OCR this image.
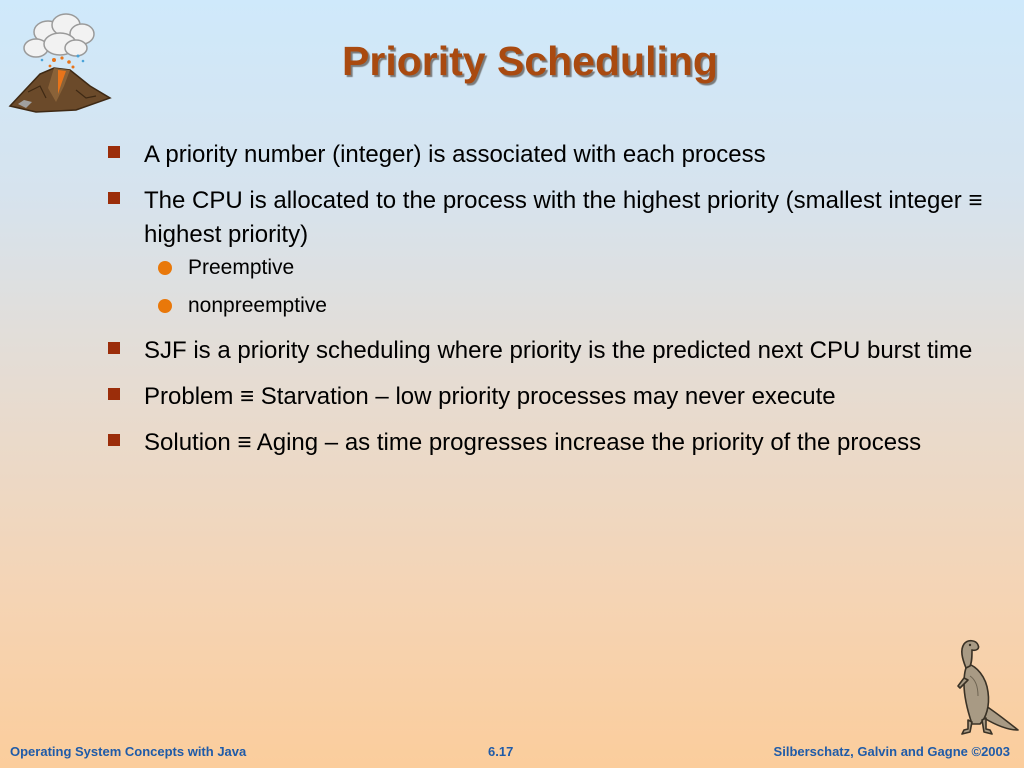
Priority Scheduling
A priority number (integer) is associated with each process
The CPU is allocated to the process with the highest priority (smallest integer ≡ highest priority)
Preemptive
nonpreemptive
SJF is a priority scheduling where priority is the predicted next CPU burst time
Problem ≡ Starvation – low priority processes may never execute
Solution ≡ Aging – as time progresses increase the priority of the process
Operating System Concepts with Java	6.17	Silberschatz, Galvin and Gagne ©2003
